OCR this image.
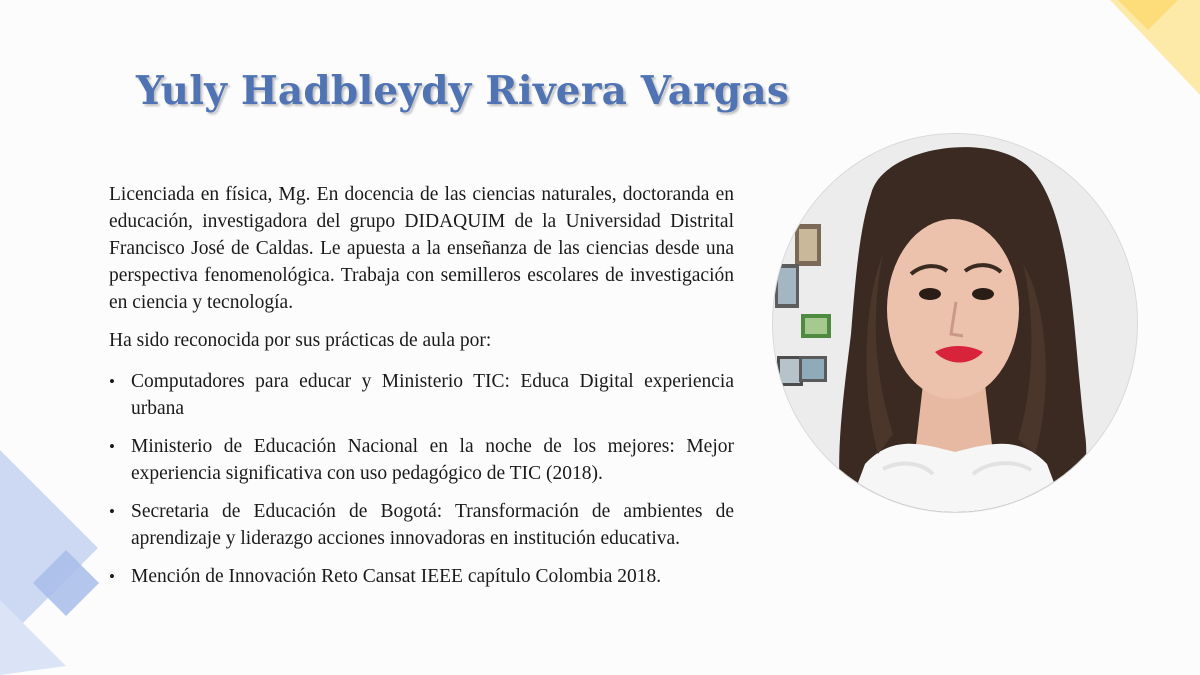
Yuly Hadbleydy Rivera Vargas

Licenciada en física, Mg. En docencia de las ciencias naturales, doctoranda en educación, investigadora del grupo DIDAQUIM de la Universidad Distrital Francisco José de Caldas. Le apuesta a la enseñanza de las ciencias desde una perspectiva fenomenológica. Trabaja con semilleros escolares de investigación en ciencia y tecnología.

Ha sido reconocida por sus prácticas de aula por:

• Computadores para educar y Ministerio TIC: Educa Digital experiencia urbana
• Ministerio de Educación Nacional en la noche de los mejores: Mejor experiencia significativa con uso pedagógico de TIC (2018).
• Secretaria de Educación de Bogotá: Transformación de ambientes de aprendizaje y liderazgo acciones innovadoras en institución educativa.
• Mención de Innovación Reto Cansat IEEE capítulo Colombia 2018.
